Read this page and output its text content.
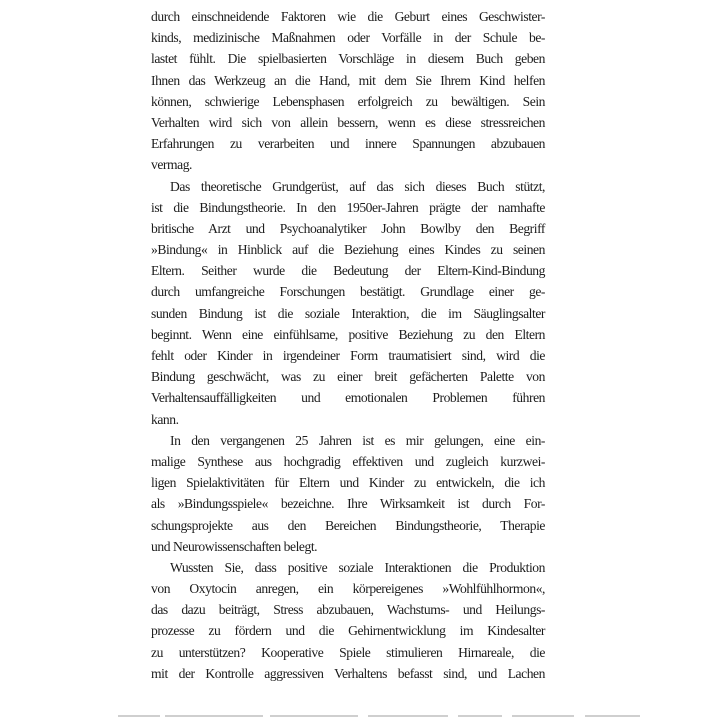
durch einschneidende Faktoren wie die Geburt eines Geschwister-
kinds, medizinische Maßnahmen oder Vorfälle in der Schule be-
lastet fühlt. Die spielbasierten Vorschläge in diesem Buch geben
Ihnen das Werkzeug an die Hand, mit dem Sie Ihrem Kind helfen
können, schwierige Lebensphasen erfolgreich zu bewältigen. Sein
Verhalten wird sich von allein bessern, wenn es diese stressreichen
Erfahrungen zu verarbeiten und innere Spannungen abzubauen
vermag.
Das theoretische Grundgerüst, auf das sich dieses Buch stützt,
ist die Bindungstheorie. In den 1950er-Jahren prägte der namhafte
britische Arzt und Psychoanalytiker John Bowlby den Begriff
»Bindung« in Hinblick auf die Beziehung eines Kindes zu seinen
Eltern. Seither wurde die Bedeutung der Eltern-Kind-Bindung
durch umfangreiche Forschungen bestätigt. Grundlage einer ge-
sunden Bindung ist die soziale Interaktion, die im Säuglingsalter
beginnt. Wenn eine einfühlsame, positive Beziehung zu den Eltern
fehlt oder Kinder in irgendeiner Form traumatisiert sind, wird die
Bindung geschwächt, was zu einer breit gefächerten Palette von
Verhaltensauffälligkeiten und emotionalen Problemen führen
kann.
In den vergangenen 25 Jahren ist es mir gelungen, eine ein-
malige Synthese aus hochgradig effektiven und zugleich kurzwei-
ligen Spielaktivitäten für Eltern und Kinder zu entwickeln, die ich
als »Bindungsspiele« bezeichne. Ihre Wirksamkeit ist durch For-
schungsprojekte aus den Bereichen Bindungstheorie, Therapie
und Neurowissenschaften belegt.
Wussten Sie, dass positive soziale Interaktionen die Produktion
von Oxytocin anregen, ein körpereigenes »Wohlfühlhormon«,
das dazu beiträgt, Stress abzubauen, Wachstums- und Heilungs-
prozesse zu fördern und die Gehirnentwicklung im Kindesalter
zu unterstützen? Kooperative Spiele stimulieren Hirnareale, die
mit der Kontrolle aggressiven Verhaltens befasst sind, und Lachen
